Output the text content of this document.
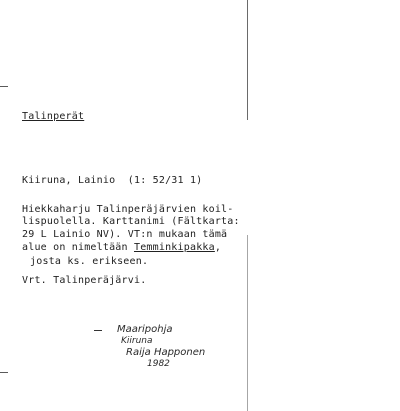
Talinperät
Kiiruna, Lainio  (1: 52/31 1)
Hiekkaharju Talinperäjärvien koil-
lispuolella. Karttanimi (Fältkarta:
29 L Lainio NV). VT:n mukaan tämä
alue on nimeltään Temminkipakka,
josta ks. erikseen.
Vrt. Talinperäjärvi.
Maaripohja
Kiiruna
Raija Happonen
1982
